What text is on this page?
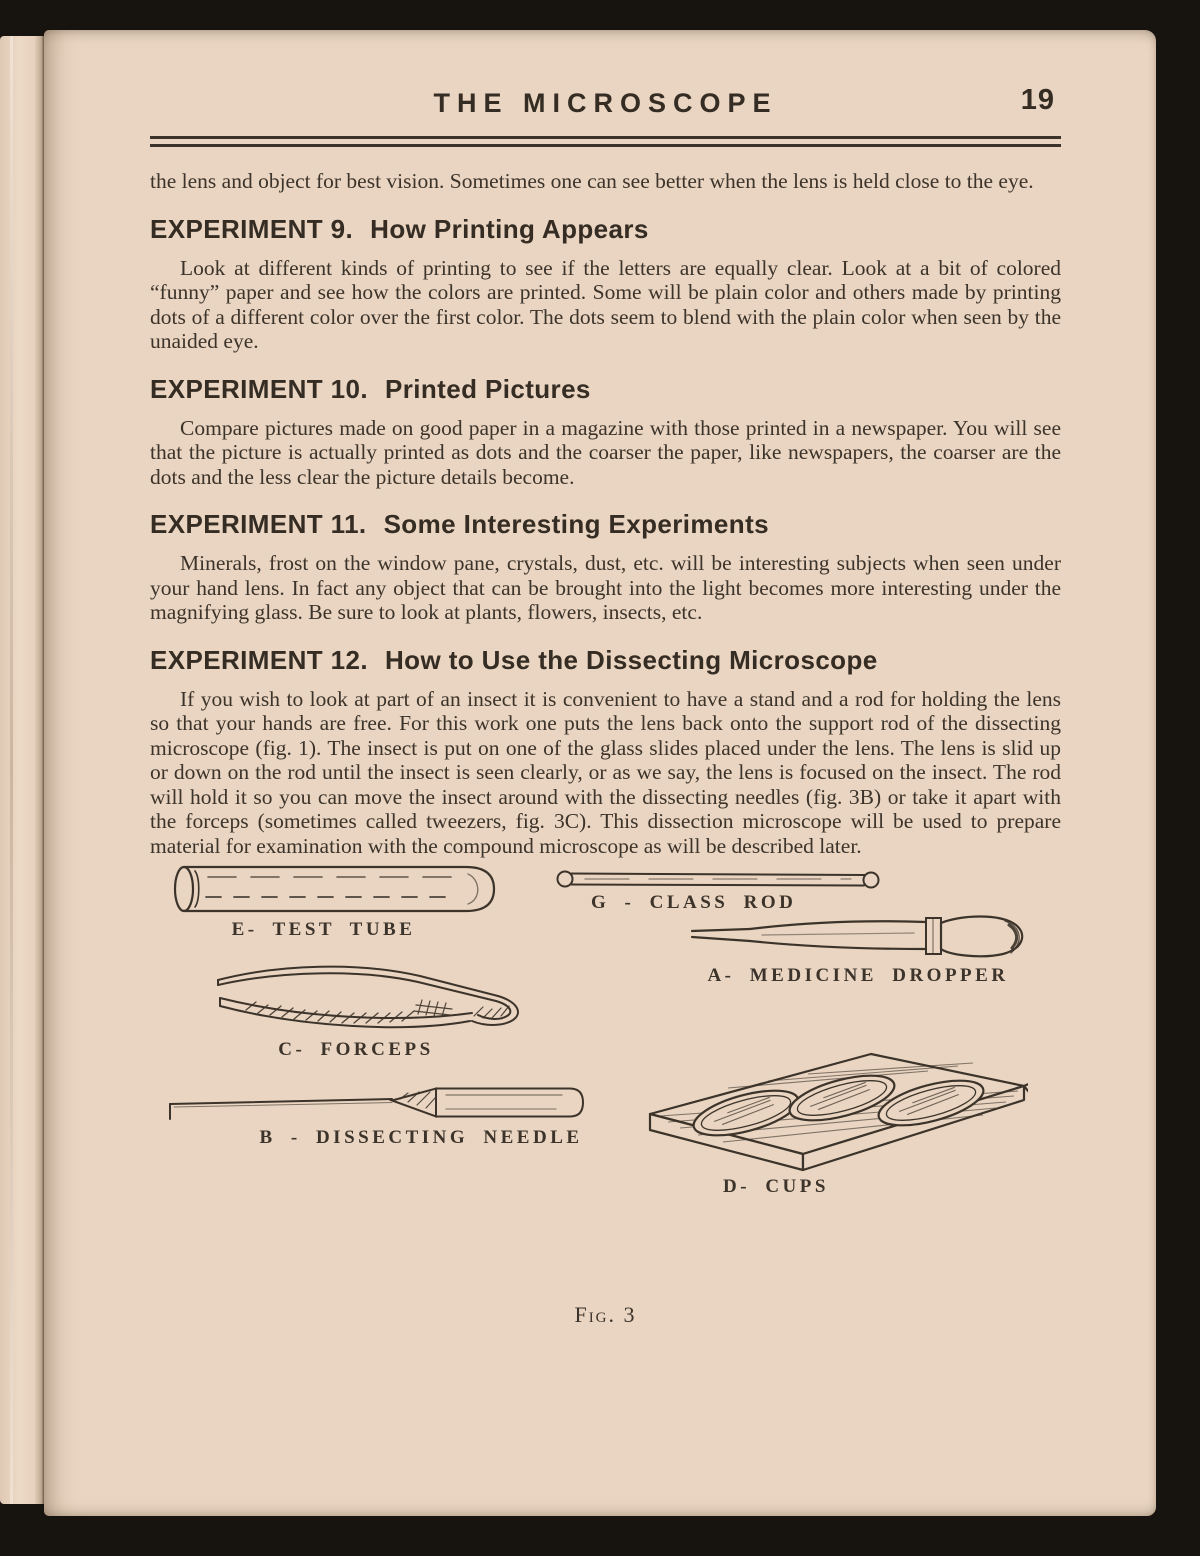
THE MICROSCOPE	19

the lens and object for best vision. Sometimes one can see better when the lens is held close to the eye.

EXPERIMENT 9. How Printing Appears

Look at different kinds of printing to see if the letters are equally clear. Look at a bit of colored “funny” paper and see how the colors are printed. Some will be plain color and others made by printing dots of a different color over the first color. The dots seem to blend with the plain color when seen by the unaided eye.

EXPERIMENT 10. Printed Pictures

Compare pictures made on good paper in a magazine with those printed in a newspaper. You will see that the picture is actually printed as dots and the coarser the paper, like newspapers, the coarser are the dots and the less clear the picture details become.

EXPERIMENT 11. Some Interesting Experiments

Minerals, frost on the window pane, crystals, dust, etc. will be interesting subjects when seen under your hand lens. In fact any object that can be brought into the light becomes more interesting under the magnifying glass. Be sure to look at plants, flowers, insects, etc.

EXPERIMENT 12. How to Use the Dissecting Microscope

If you wish to look at part of an insect it is convenient to have a stand and a rod for holding the lens so that your hands are free. For this work one puts the lens back onto the support rod of the dissecting microscope (fig. 1). The insect is put on one of the glass slides placed under the lens. The lens is slid up or down on the rod until the insect is seen clearly, or as we say, the lens is focused on the insect. The rod will hold it so you can move the insect around with the dissecting needles (fig. 3B) or take it apart with the forceps (sometimes called tweezers, fig. 3C). This dissection microscope will be used to prepare material for examination with the compound microscope as will be described later.

E- TEST TUBE
G - CLASS ROD
A- MEDICINE DROPPER
C- FORCEPS
B - DISSECTING NEEDLE
D- CUPS
Fig. 3
